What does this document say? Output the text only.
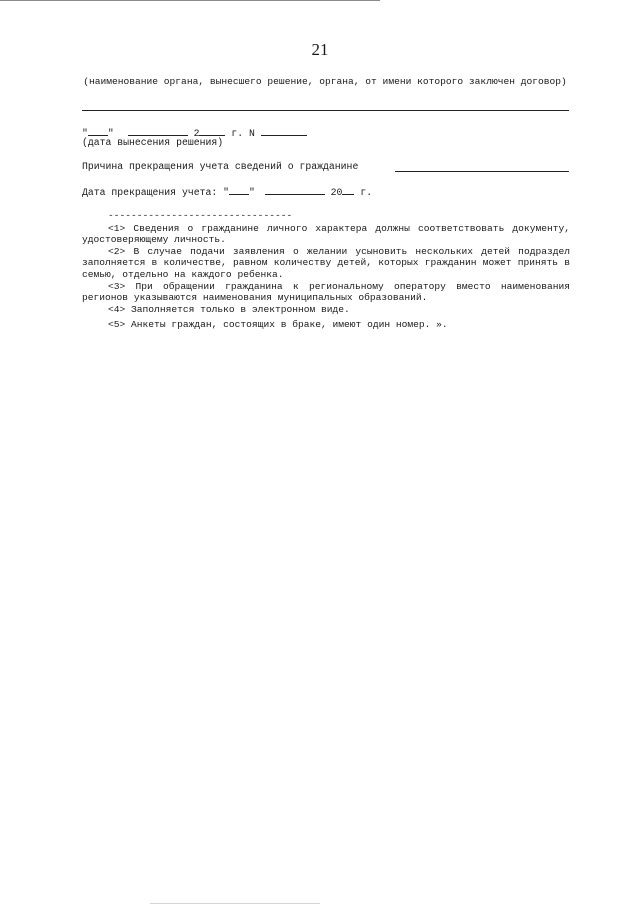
21
(наименование органа, вынесшего решение, органа, от имени которого заключен договор)
" "	2	г. N
(дата вынесения решения)
Причина прекращения учета сведений о гражданине
Дата прекращения учета: " "	20 г.
--------------------------------

<1> Сведения о гражданине личного характера должны соответствовать документу, удостоверяющему личность.

<2> В случае подачи заявления о желании усыновить нескольких детей подраздел заполняется в количестве, равном количеству детей, которых гражданин может принять в семью, отдельно на каждого ребенка.

<3> При обращении гражданина к региональному оператору вместо наименования регионов указываются наименования муниципальных образований.

<4> Заполняется только в электронном виде.

<5> Анкеты граждан, состоящих в браке, имеют один номер. ».
